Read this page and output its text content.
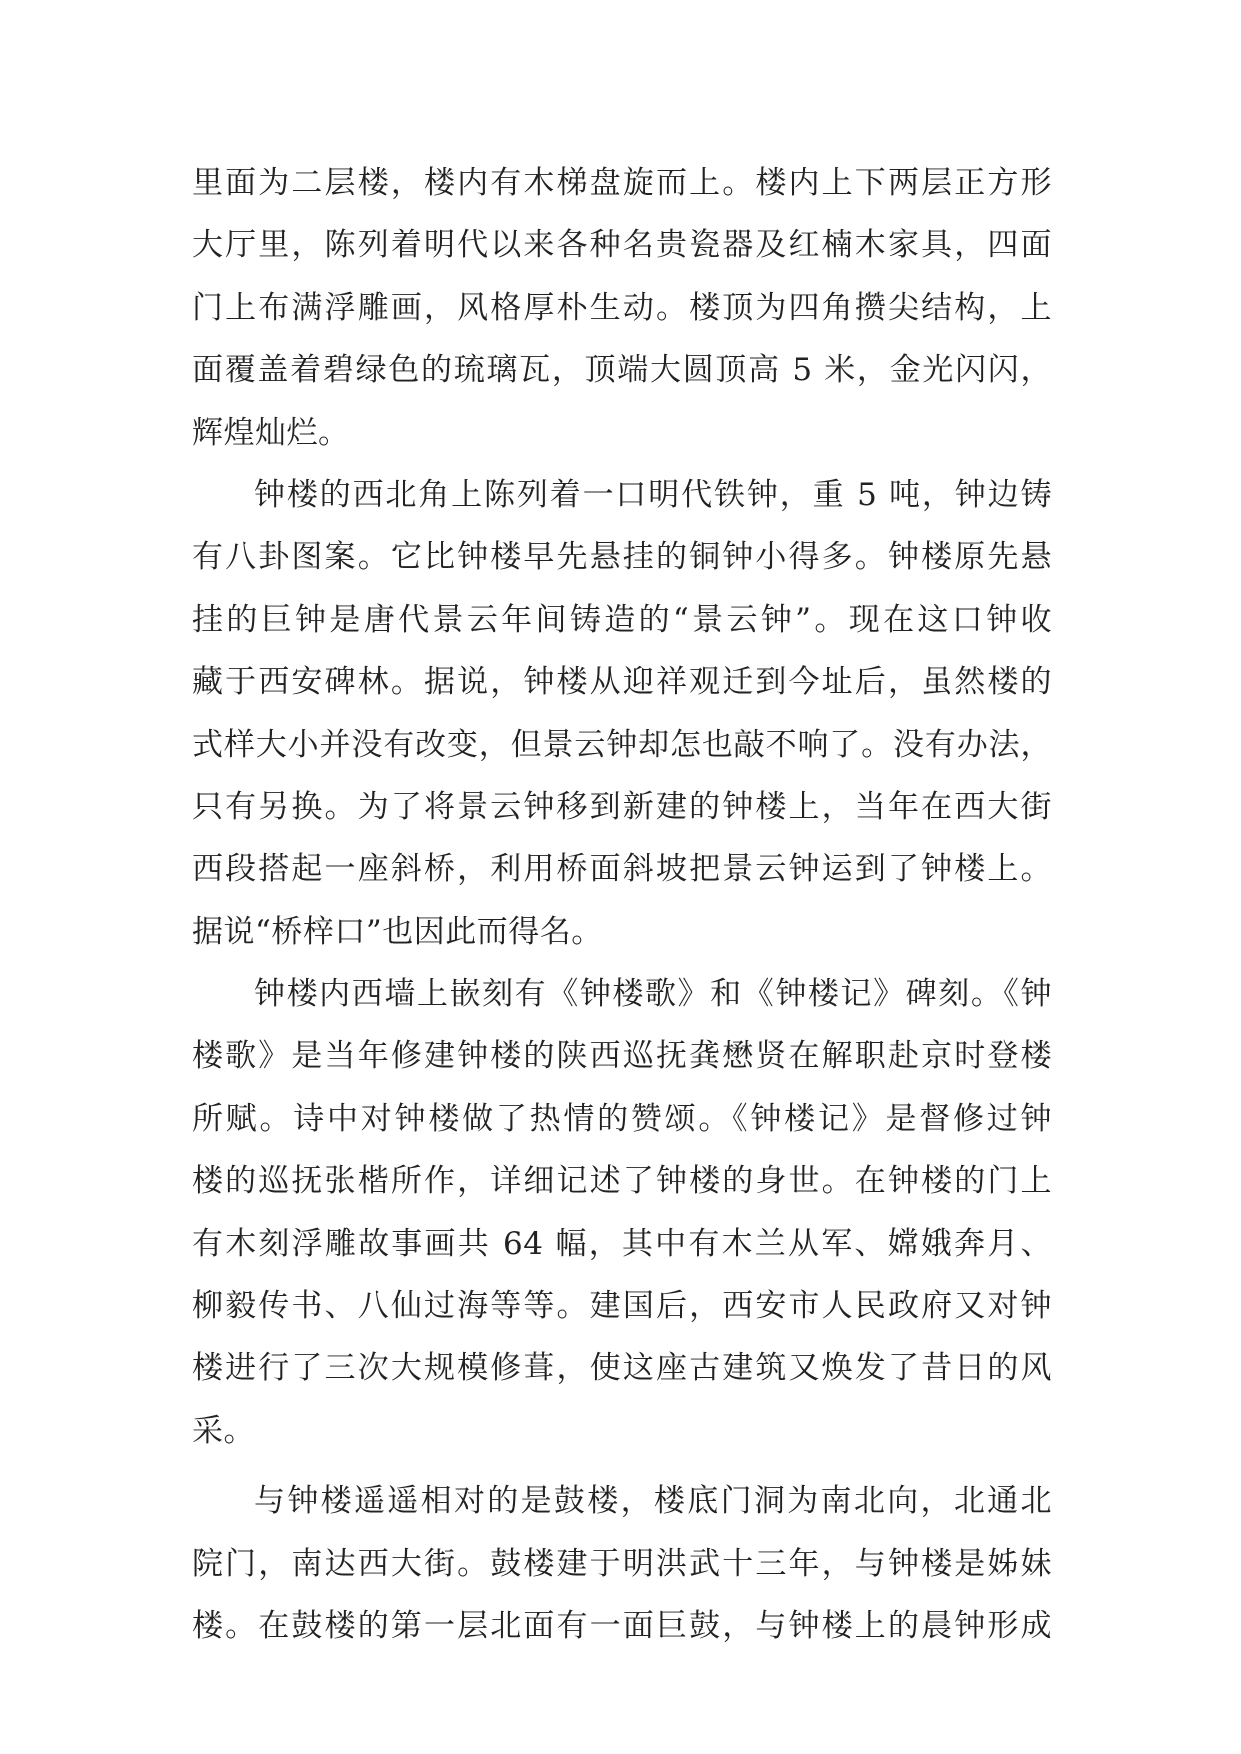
里面为二层楼，楼内有木梯盘旋而上。楼内上下两层正方形
大厅里，陈列着明代以来各种名贵瓷器及红楠木家具，四面
门上布满浮雕画，风格厚朴生动。楼顶为四角攒尖结构，上
面覆盖着碧绿色的琉璃瓦，顶端大圆顶高 5 米，金光闪闪，
辉煌灿烂。
钟楼的西北角上陈列着一口明代铁钟，重 5 吨，钟边铸
有八卦图案。它比钟楼早先悬挂的铜钟小得多。钟楼原先悬
挂的巨钟是唐代景云年间铸造的“景云钟”。现在这口钟收
藏于西安碑林。据说，钟楼从迎祥观迁到今址后，虽然楼的
式样大小并没有改变，但景云钟却怎也敲不响了。没有办法，
只有另换。为了将景云钟移到新建的钟楼上，当年在西大街
西段搭起一座斜桥，利用桥面斜坡把景云钟运到了钟楼上。
据说“桥梓口”也因此而得名。
钟楼内西墙上嵌刻有《钟楼歌》和《钟楼记》碑刻。《钟
楼歌》是当年修建钟楼的陕西巡抚龚懋贤在解职赴京时登楼
所赋。诗中对钟楼做了热情的赞颂。《钟楼记》是督修过钟
楼的巡抚张楷所作，详细记述了钟楼的身世。在钟楼的门上
有木刻浮雕故事画共 64 幅，其中有木兰从军、嫦娥奔月、
柳毅传书、八仙过海等等。建国后，西安市人民政府又对钟
楼进行了三次大规模修葺，使这座古建筑又焕发了昔日的风
采。
与钟楼遥遥相对的是鼓楼，楼底门洞为南北向，北通北
院门，南达西大街。鼓楼建于明洪武十三年，与钟楼是姊妹
楼。在鼓楼的第一层北面有一面巨鼓，与钟楼上的晨钟形成
